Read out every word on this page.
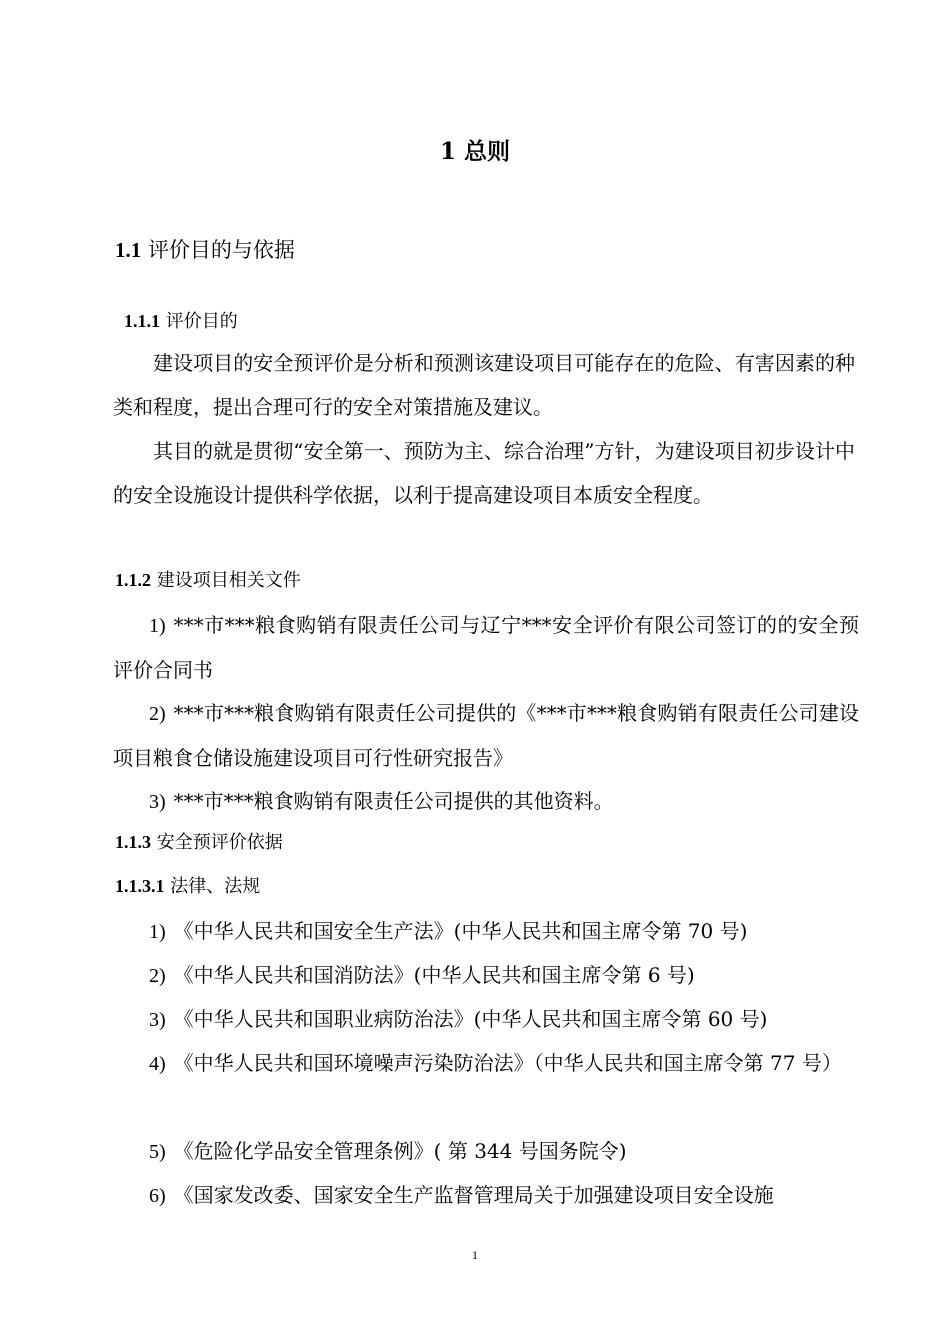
1 总则
1.1 评价目的与依据
1.1.1 评价目的
建设项目的安全预评价是分析和预测该建设项目可能存在的危险、有害因素的种类和程度，提出合理可行的安全对策措施及建议。
其目的就是贯彻“安全第一、预防为主、综合治理”方针，为建设项目初步设计中的安全设施设计提供科学依据，以利于提高建设项目本质安全程度。
1.1.2 建设项目相关文件
1) ***市***粮食购销有限责任公司与辽宁***安全评价有限公司签订的的安全预评价合同书
2) ***市***粮食购销有限责任公司提供的《***市***粮食购销有限责任公司建设项目粮食仓储设施建设项目可行性研究报告》
3) ***市***粮食购销有限责任公司提供的其他资料。
1.1.3 安全预评价依据
1.1.3.1 法律、法规
1) 《中华人民共和国安全生产法》(中华人民共和国主席令第 70 号)
2) 《中华人民共和国消防法》(中华人民共和国主席令第 6 号)
3) 《中华人民共和国职业病防治法》(中华人民共和国主席令第 60 号)
4) 《中华人民共和国环境噪声污染防治法》（中华人民共和国主席令第 77 号）
5) 《危险化学品安全管理条例》( 第 344 号国务院令)
6) 《国家发改委、国家安全生产监督管理局关于加强建设项目安全设施
1
